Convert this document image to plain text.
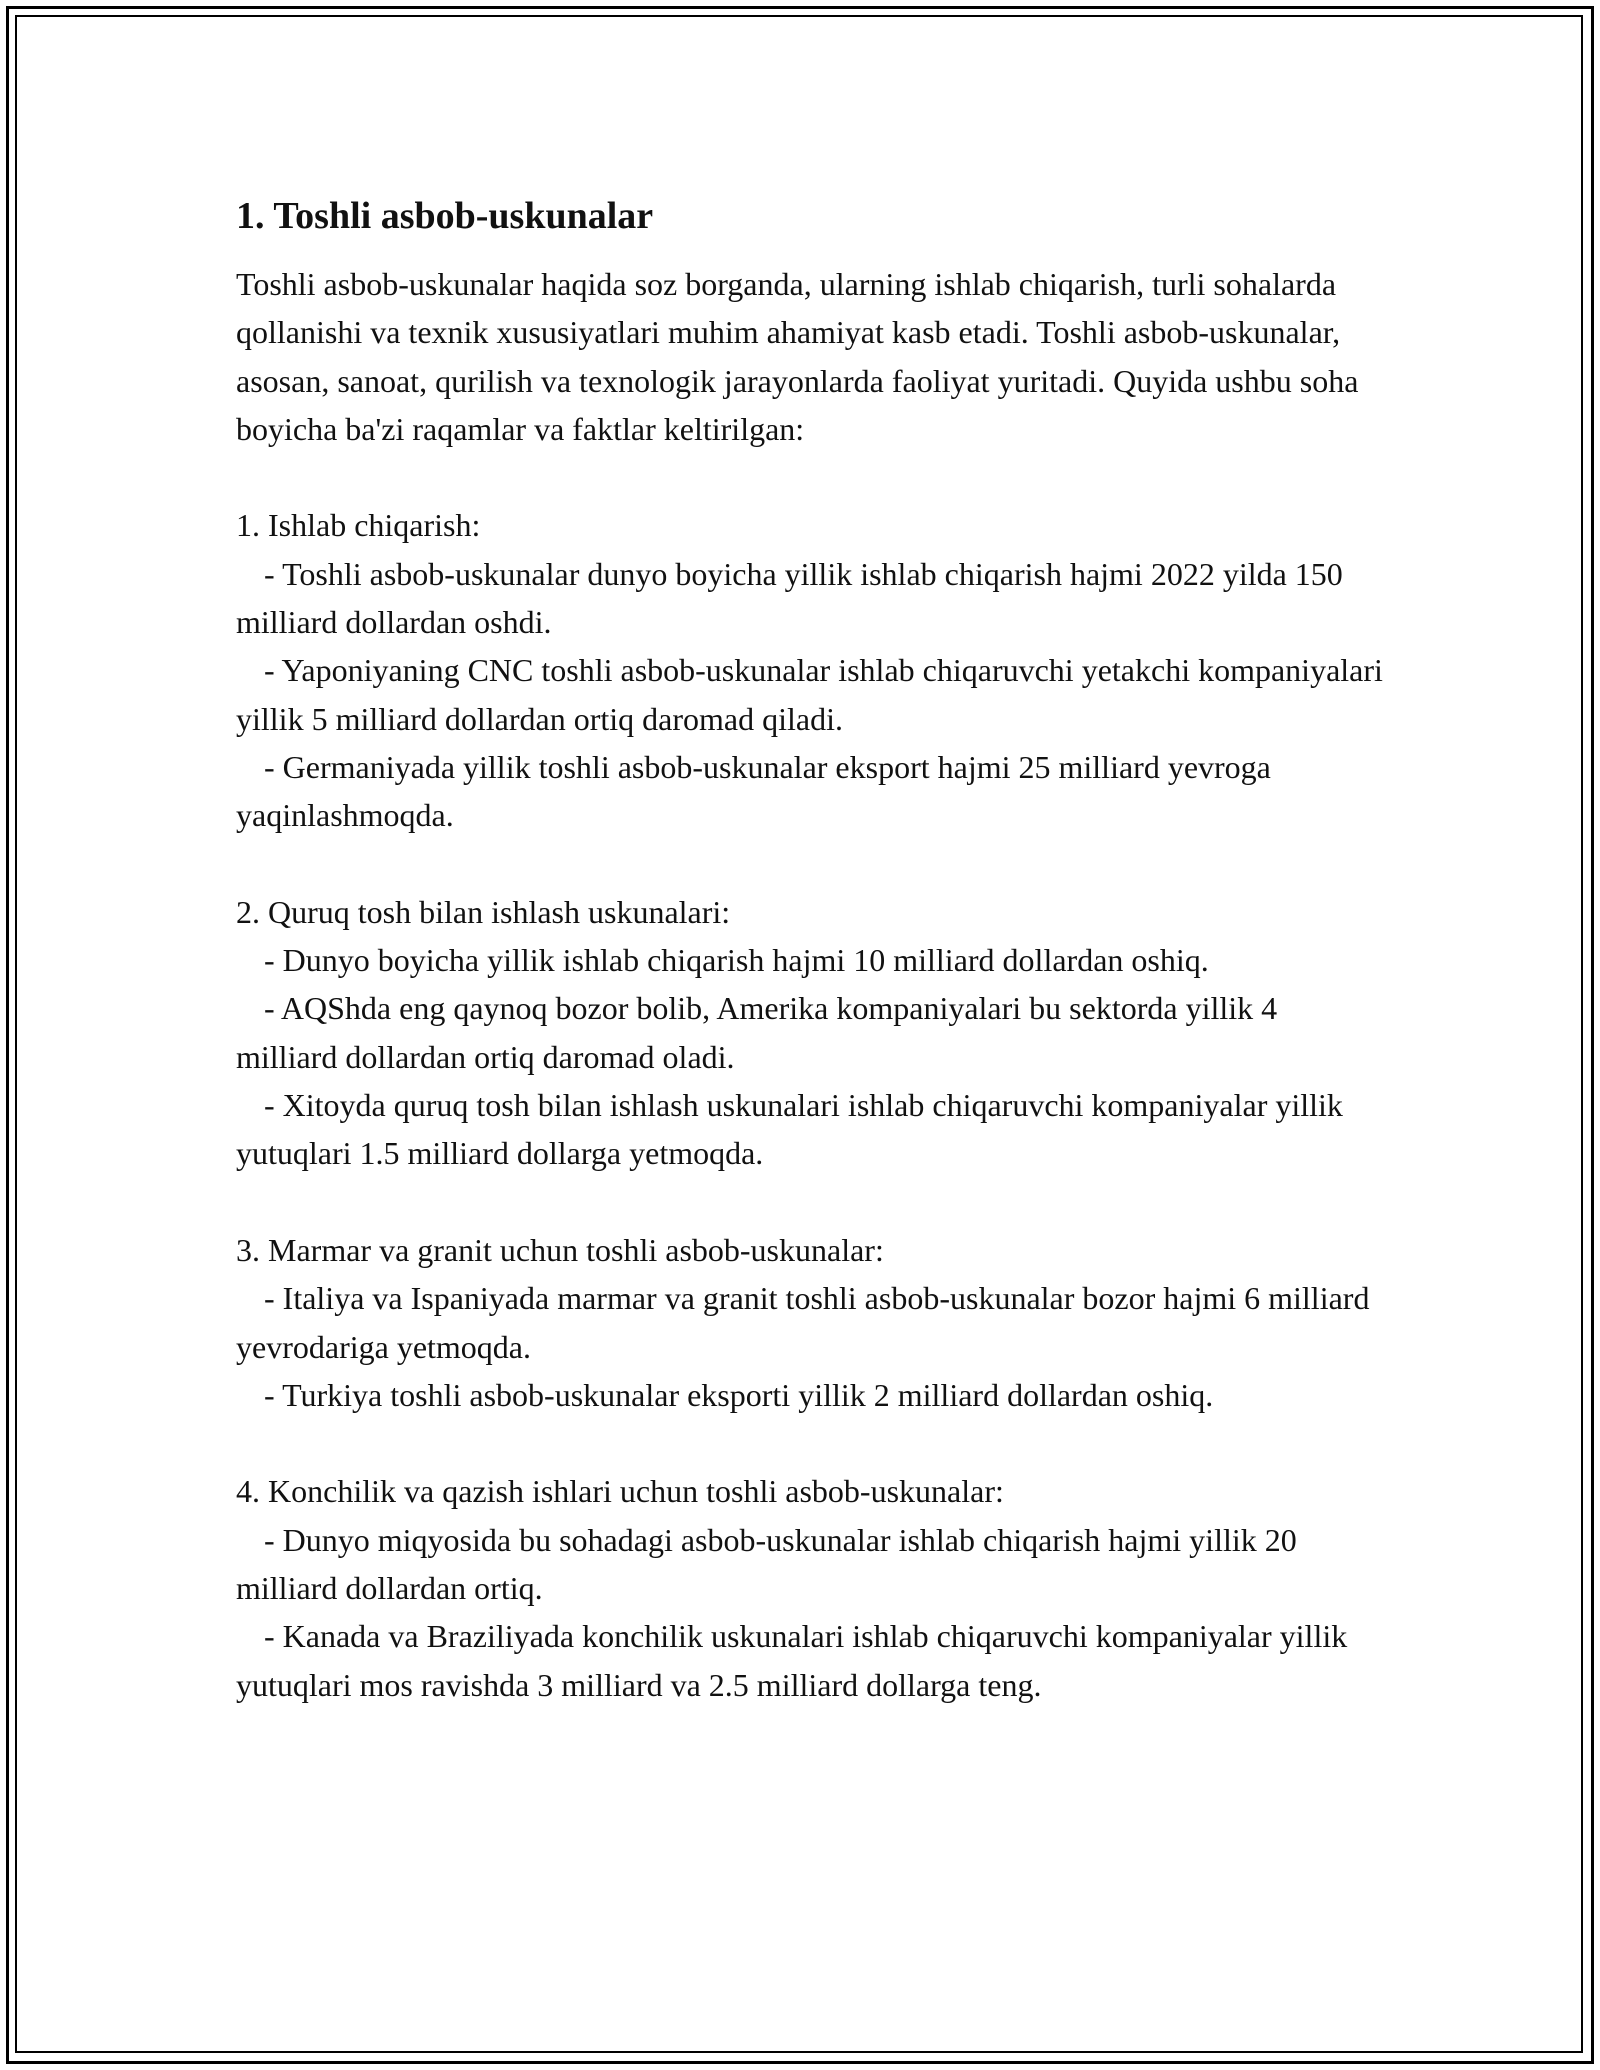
1. Toshli asbob-uskunalar

Toshli asbob-uskunalar haqida soz borganda, ularning ishlab chiqarish, turli sohalarda qollanishi va texnik xususiyatlari muhim ahamiyat kasb etadi. Toshli asbob-uskunalar, asosan, sanoat, qurilish va texnologik jarayonlarda faoliyat yuritadi. Quyida ushbu soha boyicha ba'zi raqamlar va faktlar keltirilgan:

1. Ishlab chiqarish:

- Toshli asbob-uskunalar dunyo boyicha yillik ishlab chiqarish hajmi 2022 yilda 150 milliard dollardan oshdi.

- Yaponiyaning CNC toshli asbob-uskunalar ishlab chiqaruvchi yetakchi kompaniyalari yillik 5 milliard dollardan ortiq daromad qiladi.

- Germaniyada yillik toshli asbob-uskunalar eksport hajmi 25 milliard yevroga yaqinlashmoqda.

2. Quruq tosh bilan ishlash uskunalari:

- Dunyo boyicha yillik ishlab chiqarish hajmi 10 milliard dollardan oshiq.

- AQShda eng qaynoq bozor bolib, Amerika kompaniyalari bu sektorda yillik 4 milliard dollardan ortiq daromad oladi.

- Xitoyda quruq tosh bilan ishlash uskunalari ishlab chiqaruvchi kompaniyalar yillik yutuqlari 1.5 milliard dollarga yetmoqda.

3. Marmar va granit uchun toshli asbob-uskunalar:

- Italiya va Ispaniyada marmar va granit toshli asbob-uskunalar bozor hajmi 6 milliard yevrodariga yetmoqda.

- Turkiya toshli asbob-uskunalar eksporti yillik 2 milliard dollardan oshiq.

4. Konchilik va qazish ishlari uchun toshli asbob-uskunalar:

- Dunyo miqyosida bu sohadagi asbob-uskunalar ishlab chiqarish hajmi yillik 20 milliard dollardan ortiq.

- Kanada va Braziliyada konchilik uskunalari ishlab chiqaruvchi kompaniyalar yillik yutuqlari mos ravishda 3 milliard va 2.5 milliard dollarga teng.
